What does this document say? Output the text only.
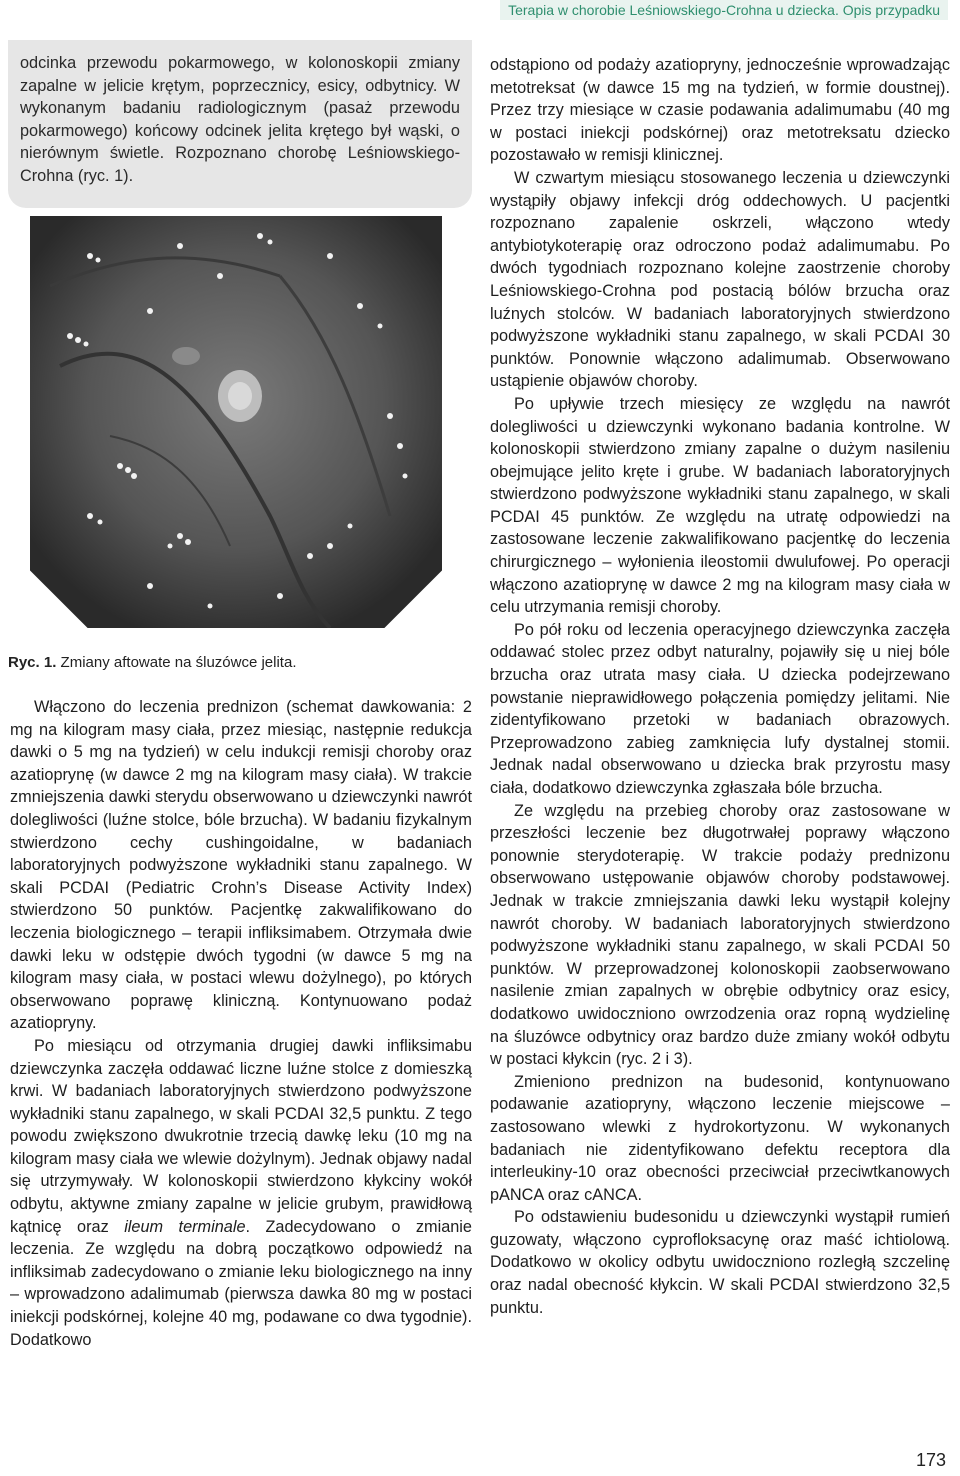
Terapia w chorobie Leśniowskiego-Crohna u dziecka. Opis przypadku

odcinka przewodu pokarmowego, w kolonoskopii zmiany zapalne w jelicie krętym, poprzecznicy, esicy, odbytnicy. W wykonanym badaniu radiologicznym (pasaż przewodu pokarmowego) końcowy odcinek jelita krętego był wąski, o nierównym świetle. Rozpoznano chorobę Leśniowskiego-Crohna (ryc. 1).

Ryc. 1. Zmiany aftowate na śluzówce jelita.

Włączono do leczenia prednizon (schemat dawkowania: 2 mg na kilogram masy ciała, przez miesiąc, następnie redukcja dawki o 5 mg na tydzień) w celu indukcji remisji choroby oraz azatioprynę (w dawce 2 mg na kilogram masy ciała). W trakcie zmniejszenia dawki sterydu obserwowano u dziewczynki nawrót dolegliwości (luźne stolce, bóle brzucha). W badaniu fizykalnym stwierdzono cechy cushingoidalne, w badaniach laboratoryjnych podwyższone wykładniki stanu zapalnego. W skali PCDAI (Pediatric Crohn’s Disease Activity Index) stwierdzono 50 punktów. Pacjentkę zakwalifikowano do leczenia biologicznego – terapii infliksimabem. Otrzymała dwie dawki leku w odstępie dwóch tygodni (w dawce 5 mg na kilogram masy ciała, w postaci wlewu dożylnego), po których obserwowano poprawę kliniczną. Kontynuowano podaż azatiopryny.

Po miesiącu od otrzymania drugiej dawki infliksimabu dziewczynka zaczęła oddawać liczne luźne stolce z domieszką krwi. W badaniach laboratoryjnych stwierdzono podwyższone wykładniki stanu zapalnego, w skali PCDAI 32,5 punktu. Z tego powodu zwiększono dwukrotnie trzecią dawkę leku (10 mg na kilogram masy ciała we wlewie dożylnym). Jednak objawy nadal się utrzymywały. W kolonoskopii stwierdzono kłykciny wokół odbytu, aktywne zmiany zapalne w jelicie grubym, prawidłową kątnicę oraz ileum terminale. Zadecydowano o zmianie leczenia. Ze względu na dobrą początkowo odpowiedź na infliksimab zadecydowano o zmianie leku biologicznego na inny – wprowadzono adalimumab (pierwsza dawka 80 mg w postaci iniekcji podskórnej, kolejne 40 mg, podawane co dwa tygodnie). Dodatkowo

odstąpiono od podaży azatiopryny, jednocześnie wprowadzając metotreksat (w dawce 15 mg na tydzień, w formie doustnej). Przez trzy miesiące w czasie podawania adalimumabu (40 mg w postaci iniekcji podskórnej) oraz metotreksatu dziecko pozostawało w remisji klinicznej.

W czwartym miesiącu stosowanego leczenia u dziewczynki wystąpiły objawy infekcji dróg oddechowych. U pacjentki rozpoznano zapalenie oskrzeli, włączono wtedy antybiotykoterapię oraz odroczono podaż adalimumabu. Po dwóch tygodniach rozpoznano kolejne zaostrzenie choroby Leśniowskiego-Crohna pod postacią bólów brzucha oraz luźnych stolców. W badaniach laboratoryjnych stwierdzono podwyższone wykładniki stanu zapalnego, w skali PCDAI 30 punktów. Ponownie włączono adalimumab. Obserwowano ustąpienie objawów choroby.

Po upływie trzech miesięcy ze względu na nawrót dolegliwości u dziewczynki wykonano badania kontrolne. W kolonoskopii stwierdzono zmiany zapalne o dużym nasileniu obejmujące jelito kręte i grube. W badaniach laboratoryjnych stwierdzono podwyższone wykładniki stanu zapalnego, w skali PCDAI 45 punktów. Ze względu na utratę odpowiedzi na zastosowane leczenie zakwalifikowano pacjentkę do leczenia chirurgicznego – wyłonienia ileostomii dwulufowej. Po operacji włączono azatioprynę w dawce 2 mg na kilogram masy ciała w celu utrzymania remisji choroby.

Po pół roku od leczenia operacyjnego dziewczynka zaczęła oddawać stolec przez odbyt naturalny, pojawiły się u niej bóle brzucha oraz utrata masy ciała. U dziecka podejrzewano powstanie nieprawidłowego połączenia pomiędzy jelitami. Nie zidentyfikowano przetoki w badaniach obrazowych. Przeprowadzono zabieg zamknięcia lufy dystalnej stomii. Jednak nadal obserwowano u dziecka brak przyrostu masy ciała, dodatkowo dziewczynka zgłaszała bóle brzucha.

Ze względu na przebieg choroby oraz zastosowane w przeszłości leczenie bez długotrwałej poprawy włączono ponownie sterydoterapię. W trakcie podaży prednizonu obserwowano ustępowanie objawów choroby podstawowej. Jednak w trakcie zmniejszania dawki leku wystąpił kolejny nawrót choroby. W badaniach laboratoryjnych stwierdzono podwyższone wykładniki stanu zapalnego, w skali PCDAI 50 punktów. W przeprowadzonej kolonoskopii zaobserwowano nasilenie zmian zapalnych w obrębie odbytnicy oraz esicy, dodatkowo uwidoczniono owrzodzenia oraz ropną wydzielinę na śluzówce odbytnicy oraz bardzo duże zmiany wokół odbytu w postaci kłykcin (ryc. 2 i 3).

Zmieniono prednizon na budesonid, kontynuowano podawanie azatiopryny, włączono leczenie miejscowe – zastosowano wlewki z hydrokortyzonu. W wykonanych badaniach nie zidentyfikowano defektu receptora dla interleukiny-10 oraz obecności przeciwciał przeciwtkanowych pANCA oraz cANCA.

Po odstawieniu budesonidu u dziewczynki wystąpił rumień guzowaty, włączono cyprofloksacynę oraz maść ichtiolową. Dodatkowo w okolicy odbytu uwidoczniono rozległą szczelinę oraz nadal obecność kłykcin. W skali PCDAI stwierdzono 32,5 punktu.

173
